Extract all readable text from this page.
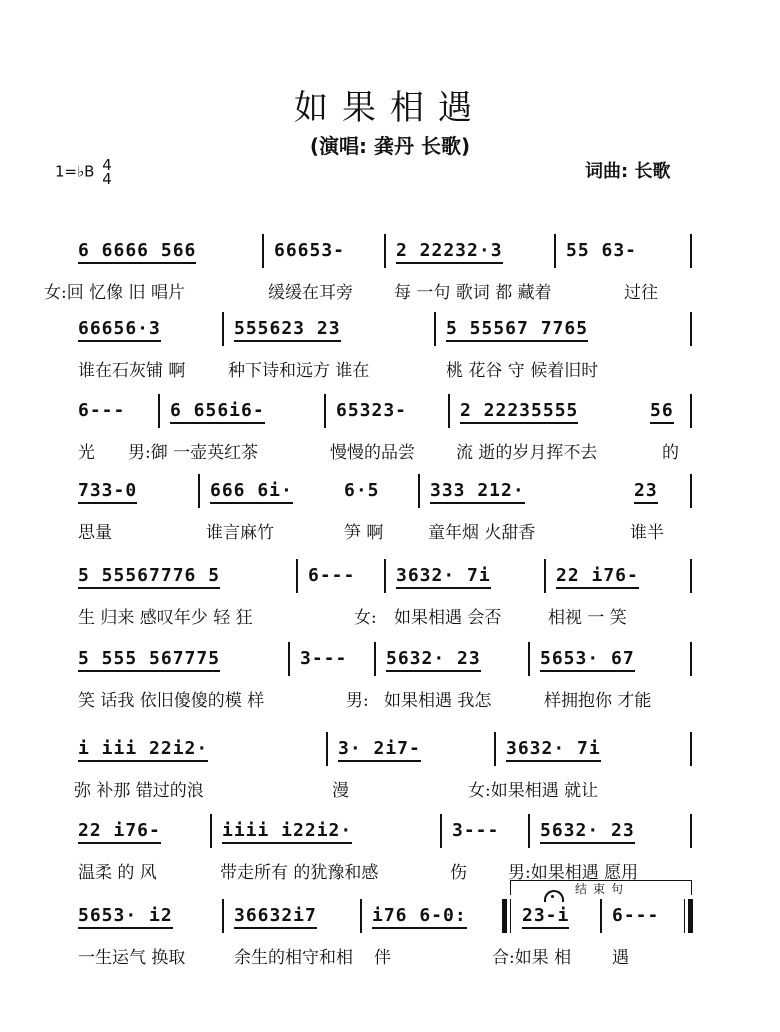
如果相遇
(演唱: 龚丹 长歌)
1=♭B 4
4	词曲: 长歌
6 6666 566	66653-	2 22232·3	55 63-
女:回 忆像 旧 唱片	缓缓在耳旁 每 一句 歌词 都 藏着	过往
66656·3	555623 23	5 55567 7765
谁在石灰铺 啊	种下诗和远方 谁在	桃 花谷 守 候着旧时
6--- 6 656i6-	65323-	2 22235555	56
光 男:御 一壶英红茶	慢慢的品尝 流 逝的岁月挥不去	的
733-0	666 6i·	6·5	333 212·	23
思量	谁言麻竹	笋 啊	童年烟 火甜香	谁半
5 55567776 5	6--- 3632· 7i	22 i76-
生 归来 感叹年少 轻 狂	女: 如果相遇 会否	相视 一 笑
5 555 567775	3--- 5632· 23	5653· 67
笑 话我 依旧傻傻的模 样	男: 如果相遇 我怎	样拥抱你 才能
i iii 22i2·	3· 2i7-	3632· 7i
弥 补那 错过的浪	漫	女:如果相遇 就让
22 i76-	iiii i22i2·	3--- 5632· 23
温柔 的 风	带走所有 的犹豫和感	伤 男:如果相遇 愿用
结束句
5653· i2	36632i7	i76 6-0:	23-i 6---
一生运气 换取	余生的相守和相 伴	合:如果 相 遇
